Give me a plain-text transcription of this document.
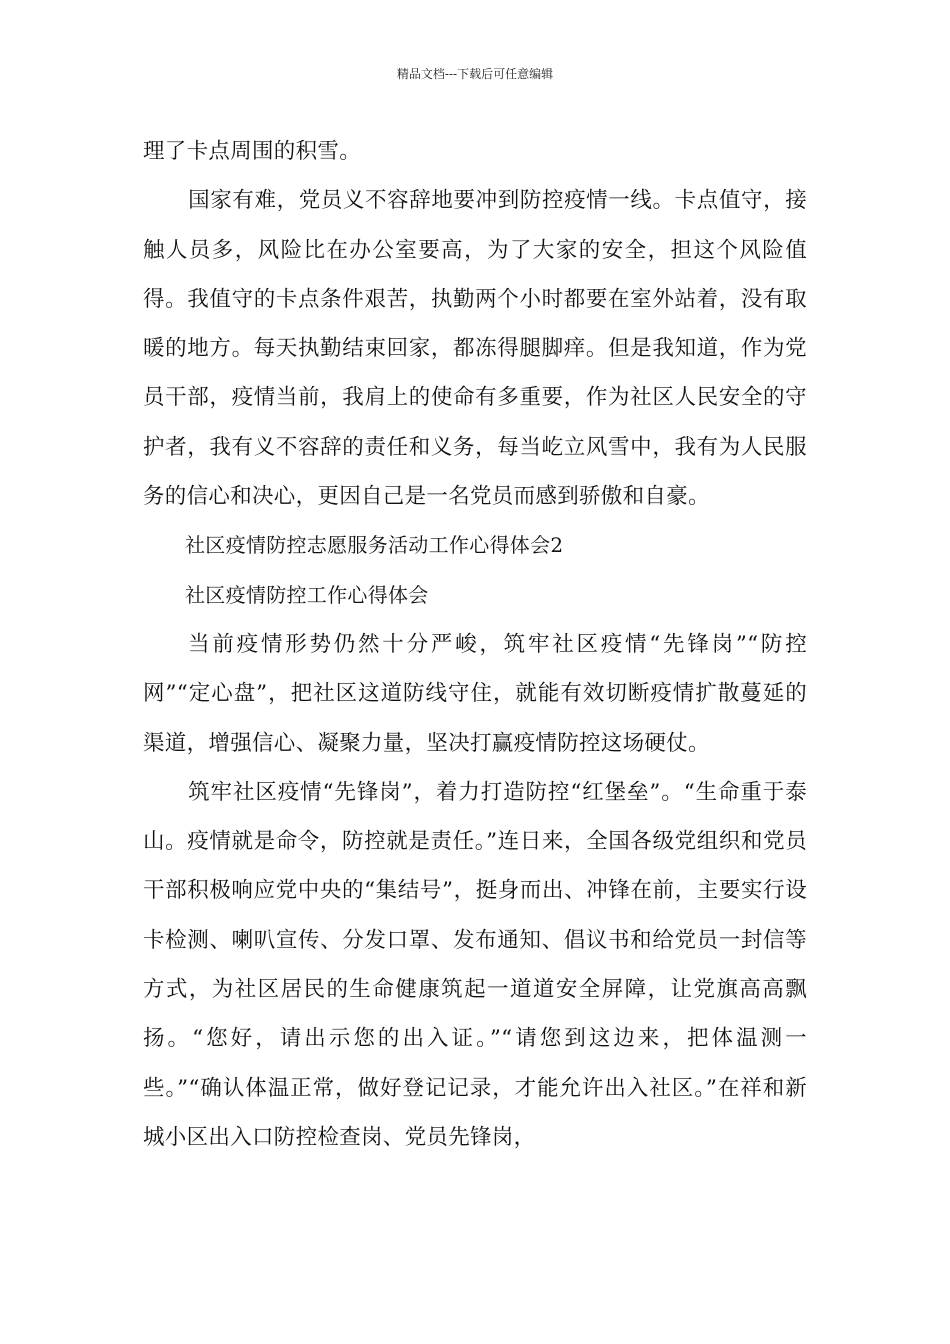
精品文档---下载后可任意编辑

理了卡点周围的积雪。

国家有难，党员义不容辞地要冲到防控疫情一线。卡点值守，接触人员多，风险比在办公室要高，为了大家的安全，担这个风险值得。我值守的卡点条件艰苦，执勤两个小时都要在室外站着，没有取暖的地方。每天执勤结束回家，都冻得腿脚痒。但是我知道，作为党员干部，疫情当前，我肩上的使命有多重要，作为社区人民安全的守护者，我有义不容辞的责任和义务，每当屹立风雪中，我有为人民服务的信心和决心，更因自己是一名党员而感到骄傲和自豪。

社区疫情防控志愿服务活动工作心得体会2

社区疫情防控工作心得体会

当前疫情形势仍然十分严峻，筑牢社区疫情“先锋岗”“防控网”“定心盘”，把社区这道防线守住，就能有效切断疫情扩散蔓延的渠道，增强信心、凝聚力量，坚决打赢疫情防控这场硬仗。

筑牢社区疫情“先锋岗”，着力打造防控“红堡垒”。“生命重于泰山。疫情就是命令，防控就是责任。”连日来，全国各级党组织和党员干部积极响应党中央的“集结号”，挺身而出、冲锋在前，主要实行设卡检测、喇叭宣传、分发口罩、发布通知、倡议书和给党员一封信等方式，为社区居民的生命健康筑起一道道安全屏障，让党旗高高飘扬。“您好，请出示您的出入证。”“请您到这边来，把体温测一些。”“确认体温正常，做好登记记录，才能允许出入社区。”在祥和新城小区出入口防控检查岗、党员先锋岗，
